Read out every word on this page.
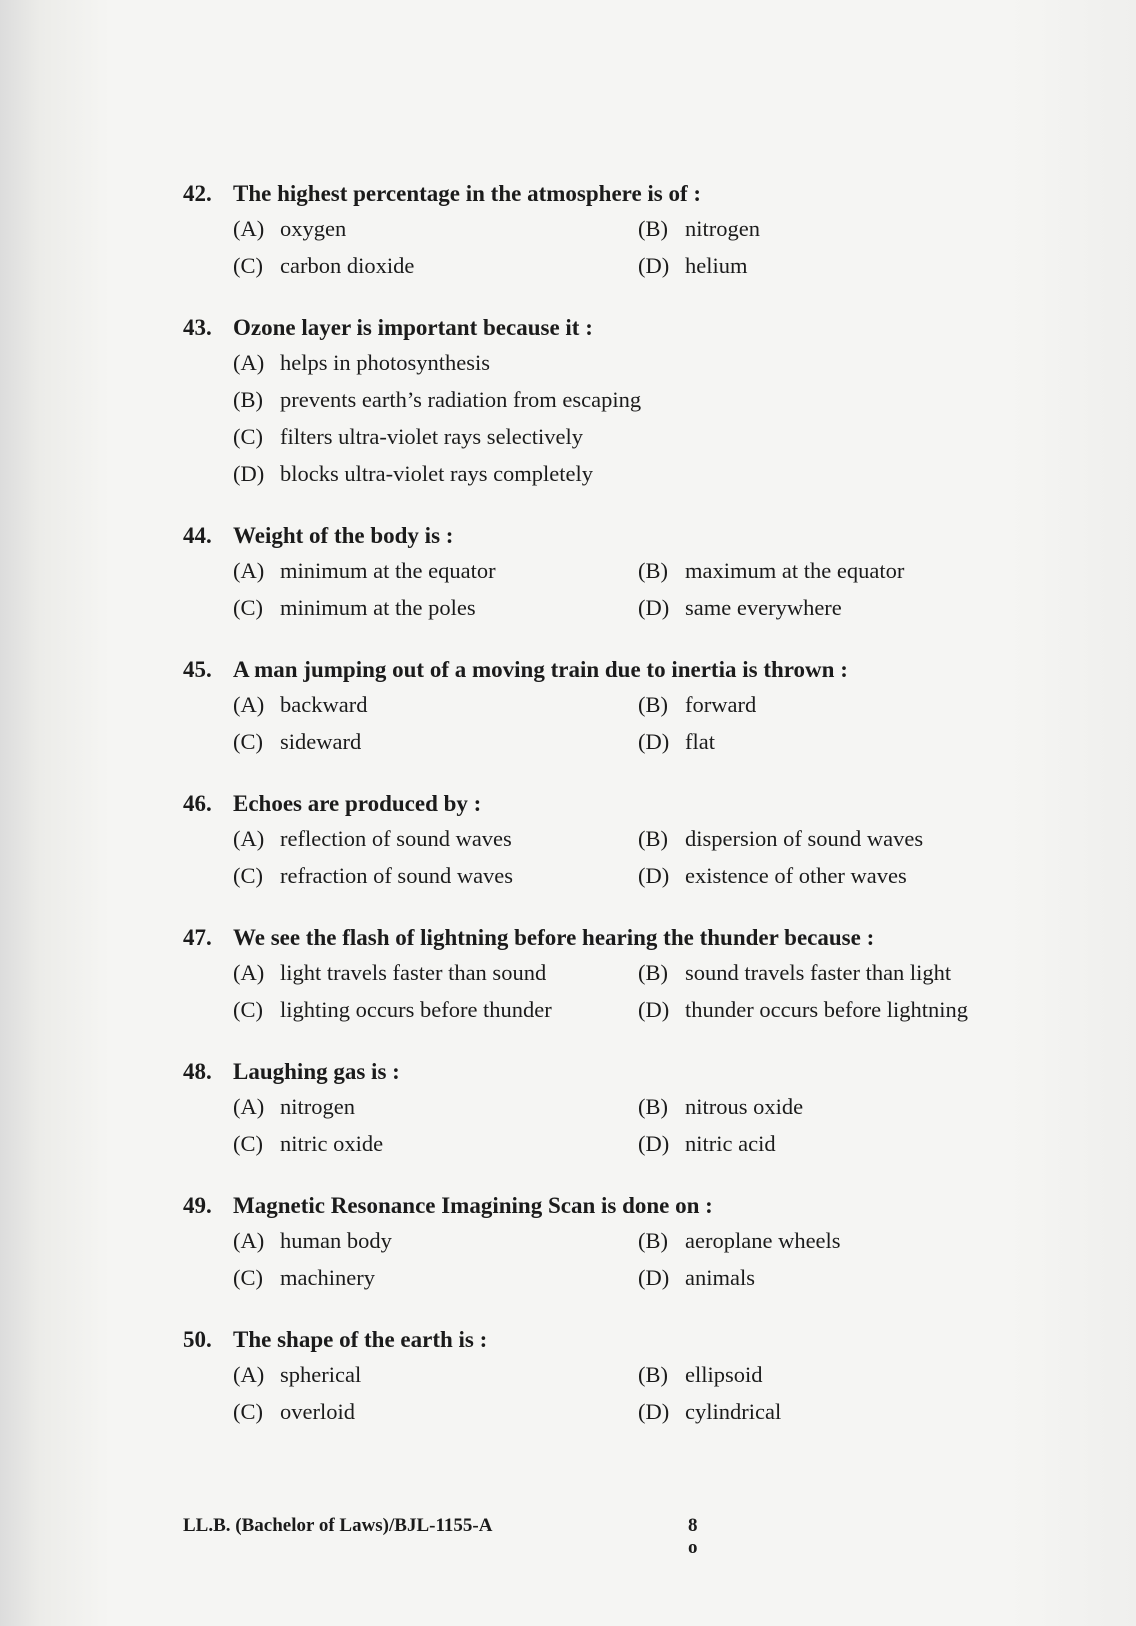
42. The highest percentage in the atmosphere is of :
(A) oxygen	(B) nitrogen
(C) carbon dioxide	(D) helium
43. Ozone layer is important because it :
(A) helps in photosynthesis
(B) prevents earth’s radiation from escaping
(C) filters ultra-violet rays selectively
(D) blocks ultra-violet rays completely
44. Weight of the body is :
(A) minimum at the equator	(B) maximum at the equator
(C) minimum at the poles	(D) same everywhere
45. A man jumping out of a moving train due to inertia is thrown :
(A) backward	(B) forward
(C) sideward	(D) flat
46. Echoes are produced by :
(A) reflection of sound waves	(B) dispersion of sound waves
(C) refraction of sound waves	(D) existence of other waves
47. We see the flash of lightning before hearing the thunder because :
(A) light travels faster than sound	(B) sound travels faster than light
(C) lighting occurs before thunder	(D) thunder occurs before lightning
48. Laughing gas is :
(A) nitrogen	(B) nitrous oxide
(C) nitric oxide	(D) nitric acid
49. Magnetic Resonance Imagining Scan is done on :
(A) human body	(B) aeroplane wheels
(C) machinery	(D) animals
50. The shape of the earth is :
(A) spherical	(B) ellipsoid
(C) overloid	(D) cylindrical
LL.B. (Bachelor of Laws)/BJL-1155-A	8
o
